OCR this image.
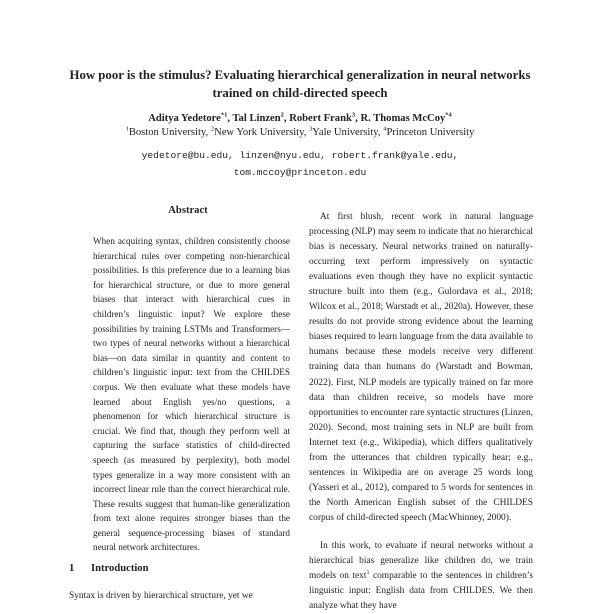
How poor is the stimulus? Evaluating hierarchical generalization in neural networks trained on child-directed speech
Aditya Yedetore$^{*1}$, Tal Linzen$^2$, Robert Frank$^3$, R. Thomas McCoy$^{*4}$
$^1$Boston University, $^2$New York University, $^3$Yale University, $^4$Princeton University
yedetore@bu.edu, linzen@nyu.edu, robert.frank@yale.edu,
tom.mccoy@princeton.edu
Abstract
When acquiring syntax, children consistently choose hierarchical rules over competing non-hierarchical possibilities. Is this preference due to a learning bias for hierarchical structure, or due to more general biases that interact with hierarchical cues in children’s linguistic input? We explore these possibilities by training LSTMs and Transformers—two types of neural networks without a hierarchical bias—on data similar in quantity and content to children’s linguistic input: text from the CHILDES corpus. We then evaluate what these models have learned about English yes/no questions, a phenomenon for which hierarchical structure is crucial. We find that, though they perform well at capturing the surface statistics of child-directed speech (as measured by perplexity), both model types generalize in a way more consistent with an incorrect linear rule than the correct hierarchical rule. These results suggest that human-like generalization from text alone requires stronger biases than the general sequence-processing biases of standard neural network architectures.
1 Introduction
Syntax is driven by hierarchical structure, yet we

At first blush, recent work in natural language processing (NLP) may seem to indicate that no hierarchical bias is necessary. Neural networks trained on naturally-occurring text perform impressively on syntactic evaluations even though they have no explicit syntactic structure built into them (e.g., Gulordava et al., 2018; Wilcox et al., 2018; Warstadt et al., 2020a). However, these results do not provide strong evidence about the learning biases required to learn language from the data available to humans because these models receive very different training data than humans do (Warstadt and Bowman, 2022). First, NLP models are typically trained on far more data than children receive, so models have more opportunities to encounter rare syntactic structures (Linzen, 2020). Second, most training sets in NLP are built from Internet text (e.g., Wikipedia), which differs qualitatively from the utterances that children typically hear; e.g., sentences in Wikipedia are on average 25 words long (Yasseri et al., 2012), compared to 5 words for sentences in the North American English subset of the CHILDES corpus of child-directed speech (MacWhinney, 2000).

In this work, to evaluate if neural networks without a hierarchical bias generalize like children do, we train models on text$^1$ comparable to the sentences in children’s linguistic input: English data from CHILDES. We then analyze what they have
